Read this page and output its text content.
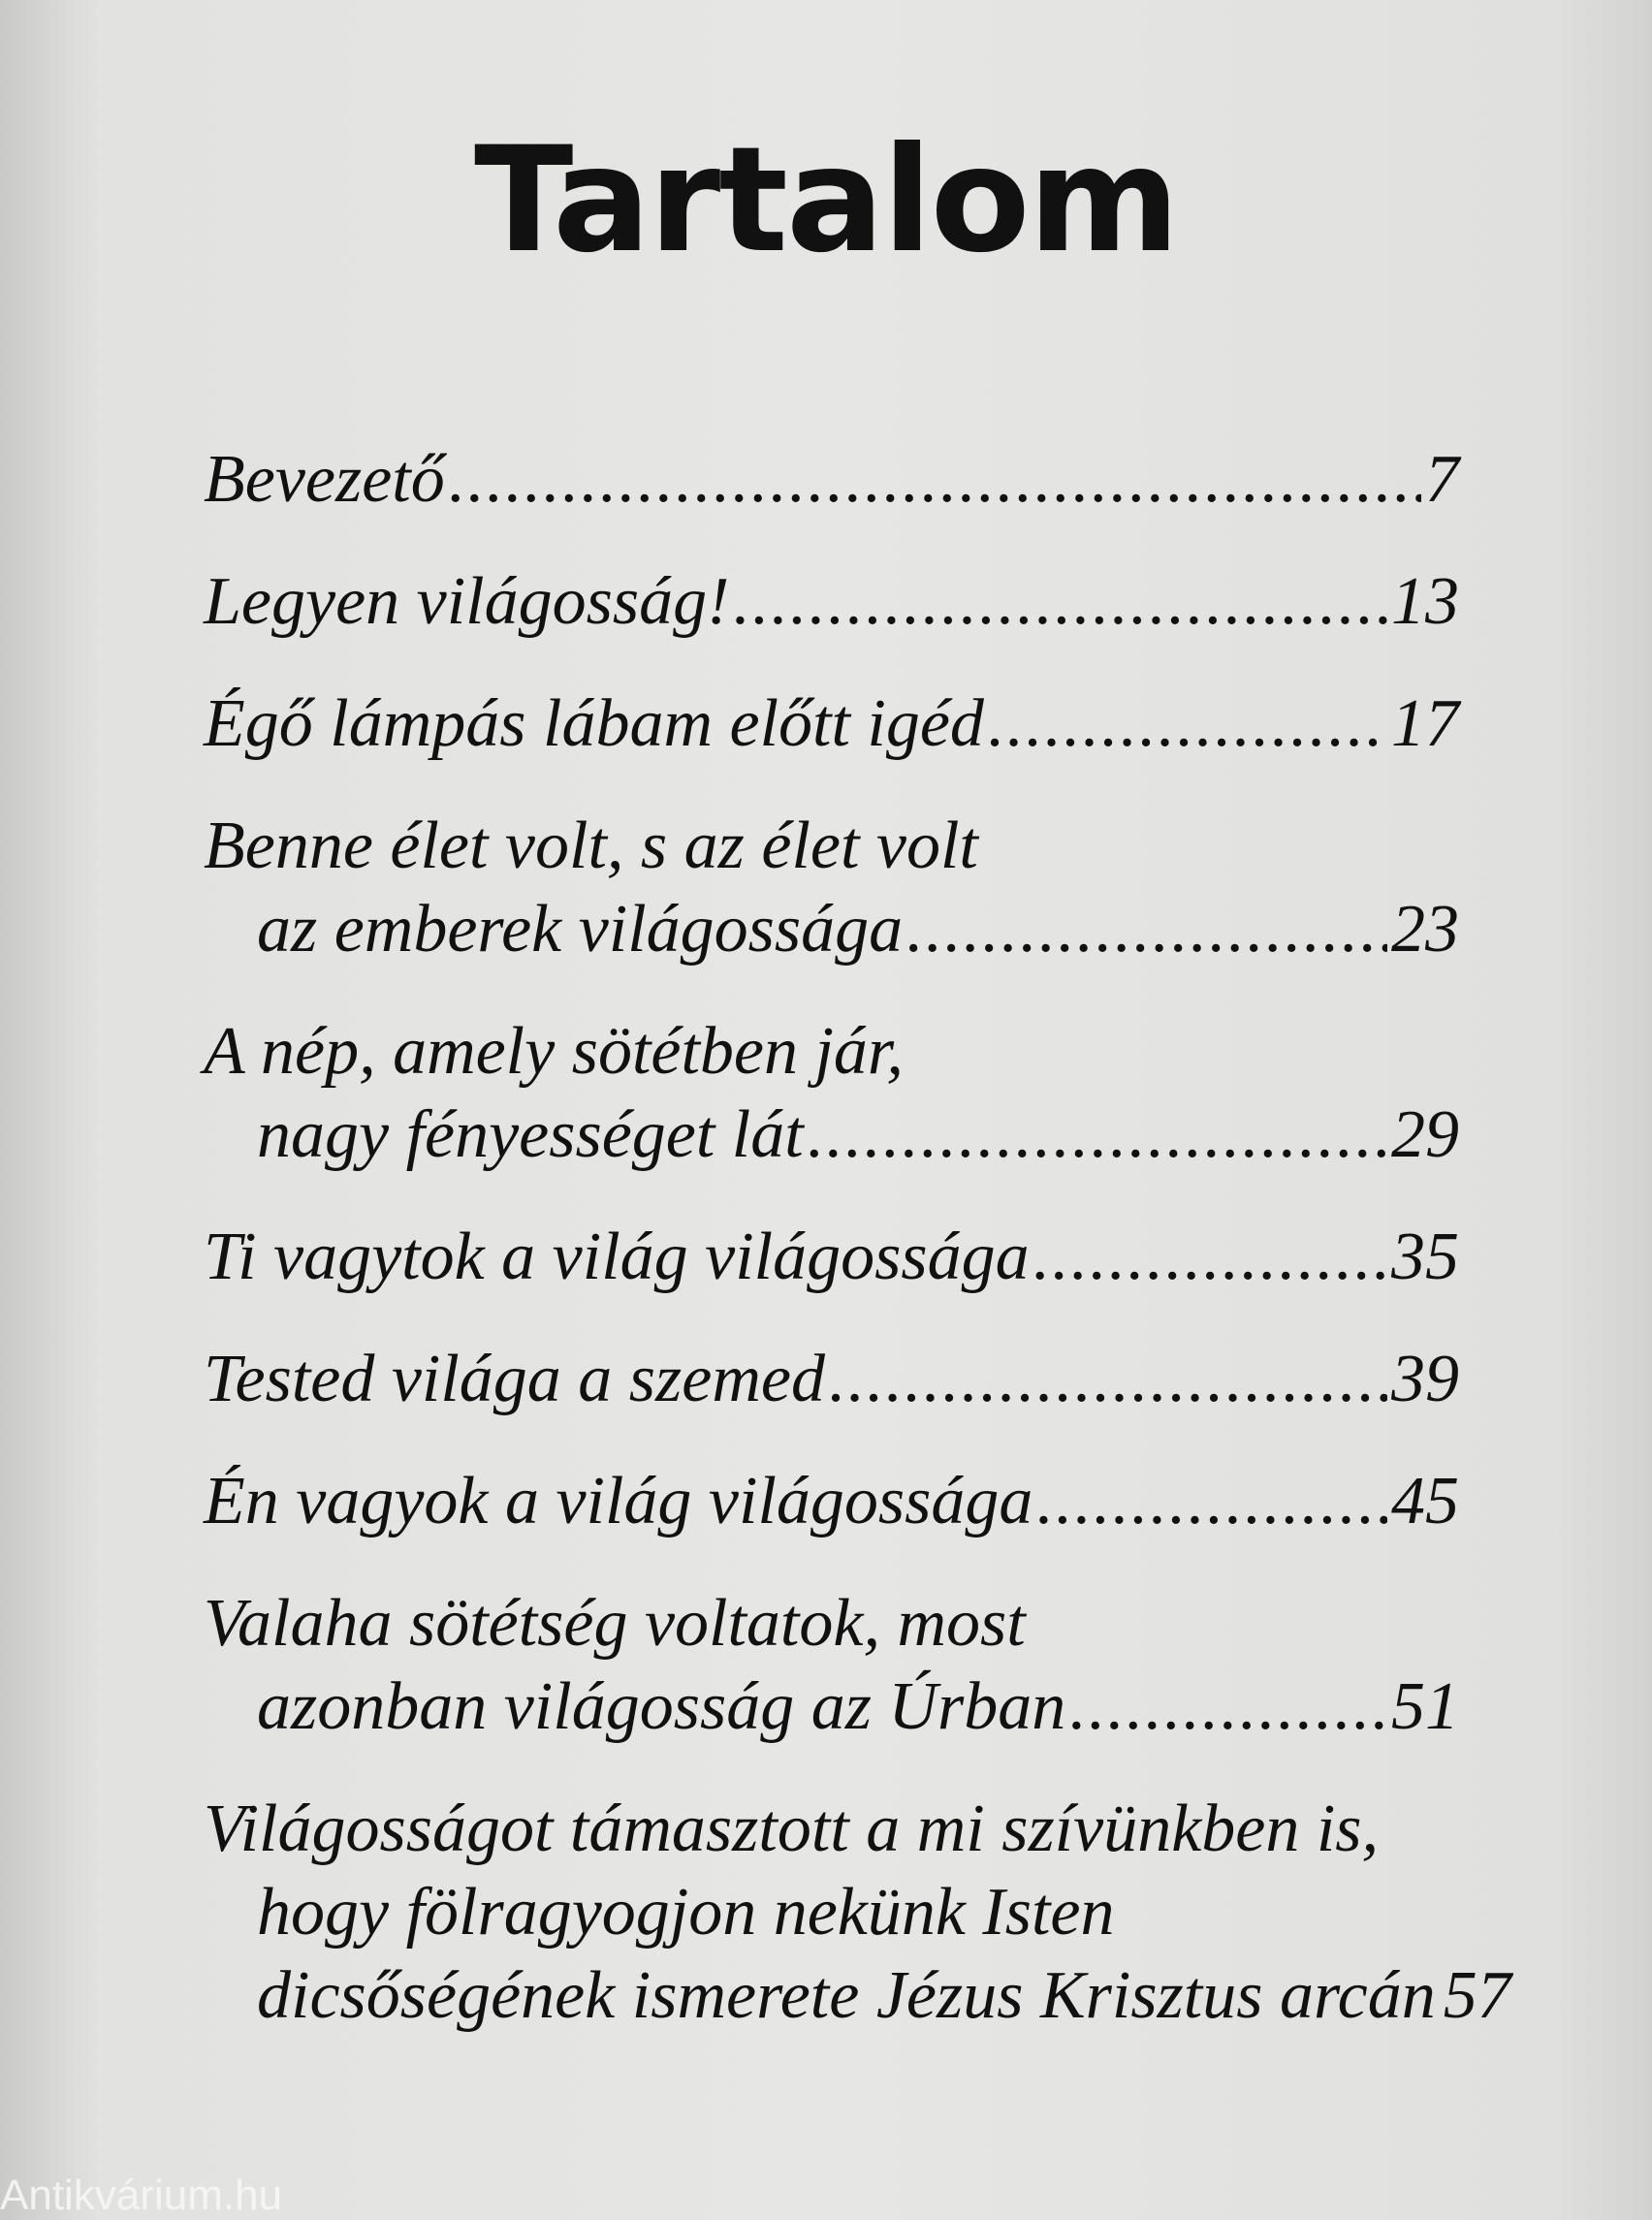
Tartalom
Bevezető .....	7
Legyen világosság! .....	13
Égő lámpás lábam előtt igéd .....	17
Benne élet volt, s az élet volt
az emberek világossága .....	23
A nép, amely sötétben jár,
nagy fényességet lát .....	29
Ti vagytok a világ világossága .....	35
Tested világa a szemed .....	39
Én vagyok a világ világossága .....	45
Valaha sötétség voltatok, most
azonban világosság az Úrban .....	51
Világosságot támasztott a mi szívünkben is,
hogy fölragyogjon nekünk Isten
dicsőségének ismerete Jézus Krisztus arcán 57
Antikvárium.hu
